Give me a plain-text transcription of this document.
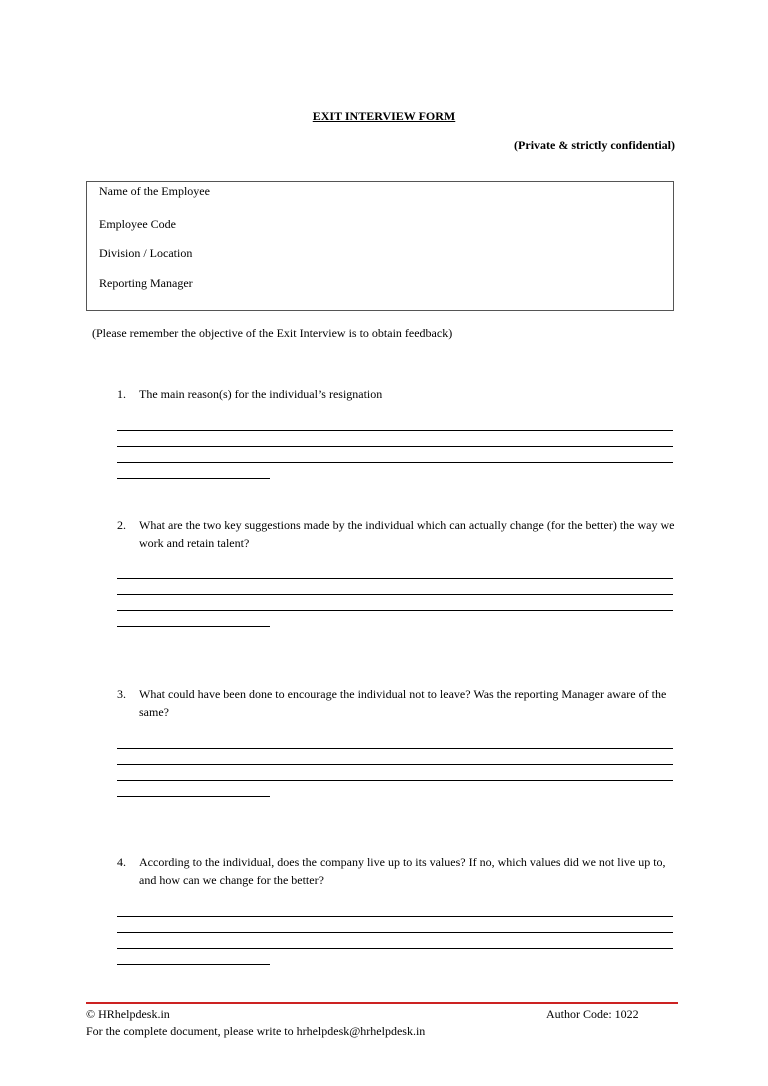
EXIT INTERVIEW FORM
(Private & strictly confidential)
Name of the Employee
Employee Code
Division / Location
Reporting Manager
(Please remember the objective of the Exit Interview is to obtain feedback)
1. The main reason(s) for the individual’s resignation
2. What are the two key suggestions made by the individual which can actually change (for the better) the way we work and retain talent?
3. What could have been done to encourage the individual not to leave? Was the reporting Manager aware of the same?
4. According to the individual, does the company live up to its values? If no, which values did we not live up to, and how can we change for the better?
© HRhelpdesk.in	Author Code: 1022
For the complete document, please write to hrhelpdesk@hrhelpdesk.in
